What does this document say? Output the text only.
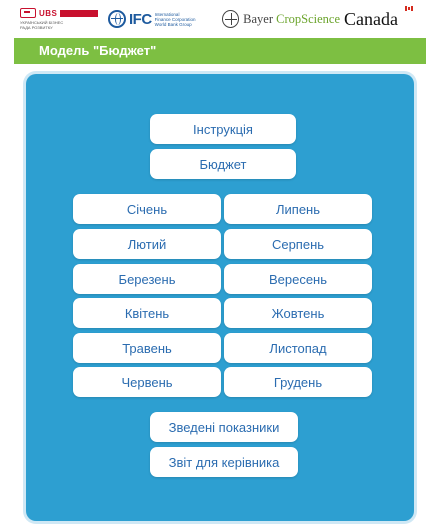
UBS
УКРАЇНСЬКИЙ БІЗНЕС
РАДА РОЗВИТКУ	IFC International
Finance Corporation
World Bank Group	Bayer CropScience Canada
Модель "Бюджет"
Інструкція
Бюджет
Січень	Липень
Лютий	Серпень
Березень	Вересень
Квітень	Жовтень
Травень	Листопад
Червень	Грудень
Зведені показники
Звіт для керівника
